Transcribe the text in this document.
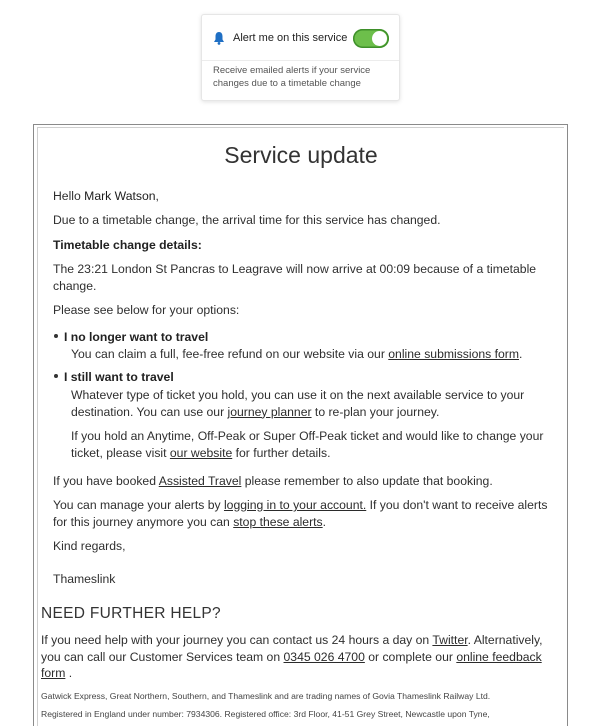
Alert me on this service
Receive emailed alerts if your service changes due to a timetable change
Service update

Hello Mark Watson,

Due to a timetable change, the arrival time for this service has changed.

Timetable change details:

The 23:21 London St Pancras to Leagrave will now arrive at 00:09 because of a timetable change.

Please see below for your options:

I no longer want to travel

You can claim a full, fee-free refund on our website via our online submissions form.

I still want to travel

Whatever type of ticket you hold, you can use it on the next available service to your destination. You can use our journey planner to re-plan your journey.

If you hold an Anytime, Off-Peak or Super Off-Peak ticket and would like to change your ticket, please visit our website for further details.

If you have booked Assisted Travel please remember to also update that booking.

You can manage your alerts by logging in to your account. If you don't want to receive alerts for this journey anymore you can stop these alerts.

Kind regards,

Thameslink

NEED FURTHER HELP?

If you need help with your journey you can contact us 24 hours a day on Twitter. Alternatively, you can call our Customer Services team on 0345 026 4700 or complete our online feedback form .

Gatwick Express, Great Northern, Southern, and Thameslink and are trading names of Govia Thameslink Railway Ltd.

Registered in England under number: 7934306. Registered office: 3rd Floor, 41-51 Grey Street, Newcastle upon Tyne,
